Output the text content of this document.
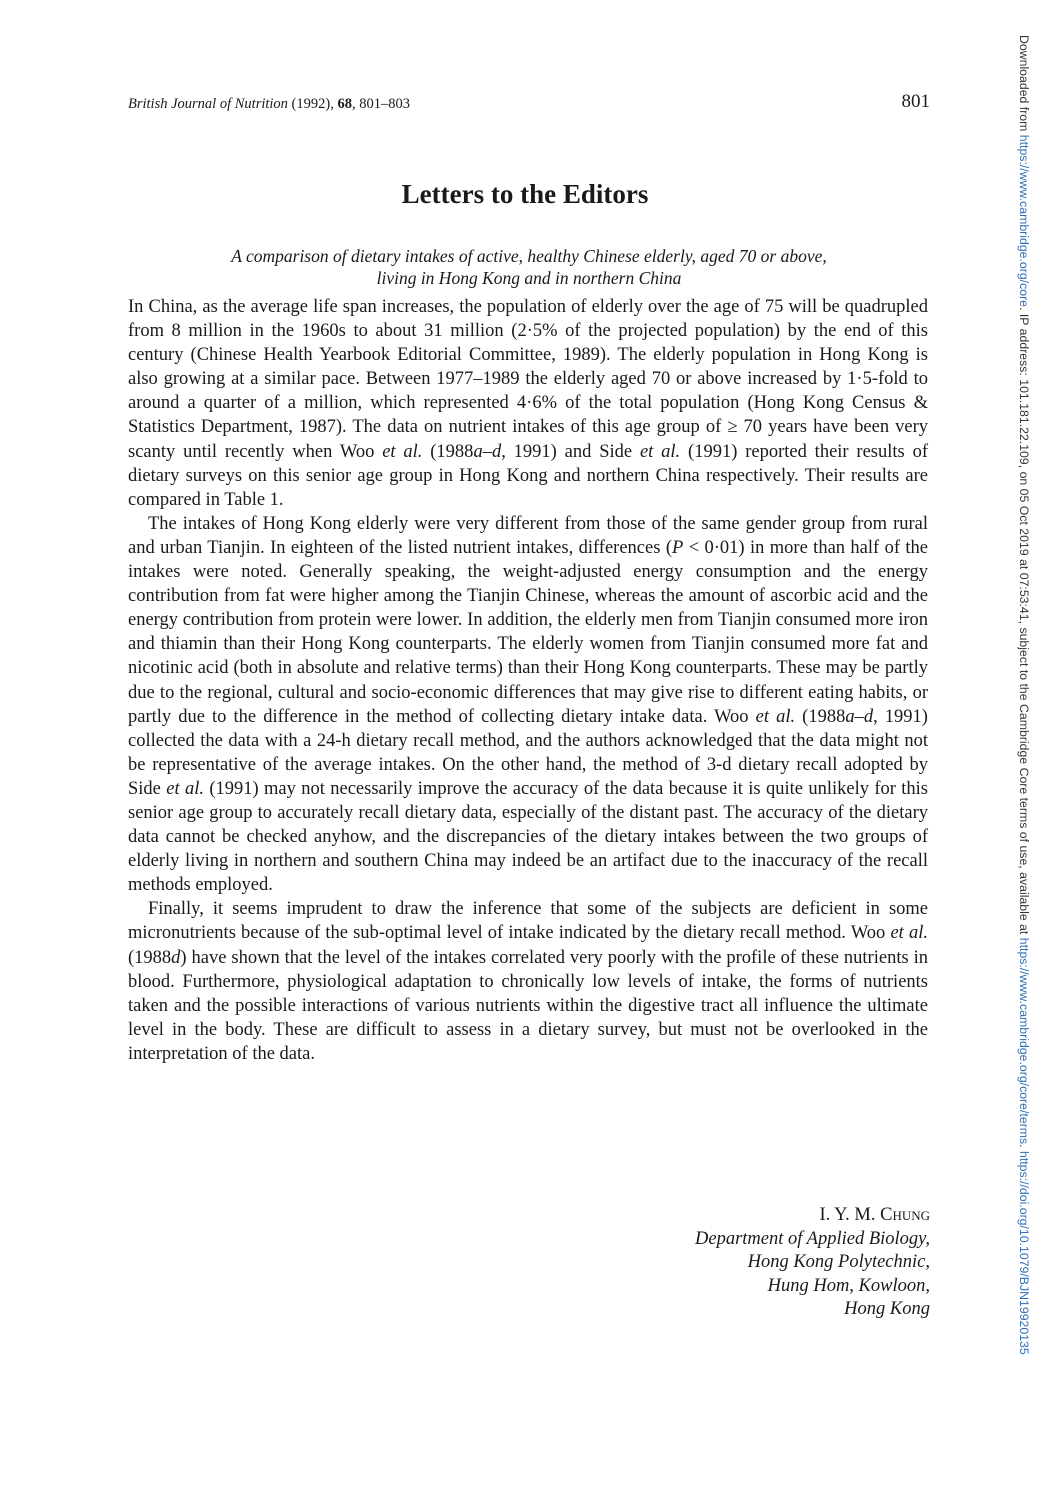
British Journal of Nutrition (1992), 68, 801–803	801
Letters to the Editors
A comparison of dietary intakes of active, healthy Chinese elderly, aged 70 or above,
living in Hong Kong and in northern China

In China, as the average life span increases, the population of elderly over the age of 75 will be quadrupled from 8 million in the 1960s to about 31 million (2·5% of the projected population) by the end of this century (Chinese Health Yearbook Editorial Committee, 1989). The elderly population in Hong Kong is also growing at a similar pace. Between 1977–1989 the elderly aged 70 or above increased by 1·5-fold to around a quarter of a million, which represented 4·6% of the total population (Hong Kong Census & Statistics Department, 1987). The data on nutrient intakes of this age group of ≥ 70 years have been very scanty until recently when Woo et al. (1988a–d, 1991) and Side et al. (1991) reported their results of dietary surveys on this senior age group in Hong Kong and northern China respectively. Their results are compared in Table 1.

The intakes of Hong Kong elderly were very different from those of the same gender group from rural and urban Tianjin. In eighteen of the listed nutrient intakes, differences (P < 0·01) in more than half of the intakes were noted. Generally speaking, the weight-adjusted energy consumption and the energy contribution from fat were higher among the Tianjin Chinese, whereas the amount of ascorbic acid and the energy contribution from protein were lower. In addition, the elderly men from Tianjin consumed more iron and thiamin than their Hong Kong counterparts. The elderly women from Tianjin consumed more fat and nicotinic acid (both in absolute and relative terms) than their Hong Kong counterparts. These may be partly due to the regional, cultural and socio-economic differences that may give rise to different eating habits, or partly due to the difference in the method of collecting dietary intake data. Woo et al. (1988a–d, 1991) collected the data with a 24-h dietary recall method, and the authors acknowledged that the data might not be representative of the average intakes. On the other hand, the method of 3-d dietary recall adopted by Side et al. (1991) may not necessarily improve the accuracy of the data because it is quite unlikely for this senior age group to accurately recall dietary data, especially of the distant past. The accuracy of the dietary data cannot be checked anyhow, and the discrepancies of the dietary intakes between the two groups of elderly living in northern and southern China may indeed be an artifact due to the inaccuracy of the recall methods employed.

Finally, it seems imprudent to draw the inference that some of the subjects are deficient in some micronutrients because of the sub-optimal level of intake indicated by the dietary recall method. Woo et al. (1988d) have shown that the level of the intakes correlated very poorly with the profile of these nutrients in blood. Furthermore, physiological adaptation to chronically low levels of intake, the forms of nutrients taken and the possible interactions of various nutrients within the digestive tract all influence the ultimate level in the body. These are difficult to assess in a dietary survey, but must not be overlooked in the interpretation of the data.

I. Y. M. Chung
Department of Applied Biology,
Hong Kong Polytechnic,
Hung Hom, Kowloon,
Hong Kong
Downloaded from https://www.cambridge.org/core. IP address: 101.181.22.109, on 05 Oct 2019 at 07:53:41, subject to the Cambridge Core terms of use, available at https://www.cambridge.org/core/terms. https://doi.org/10.1079/BJN19920135
